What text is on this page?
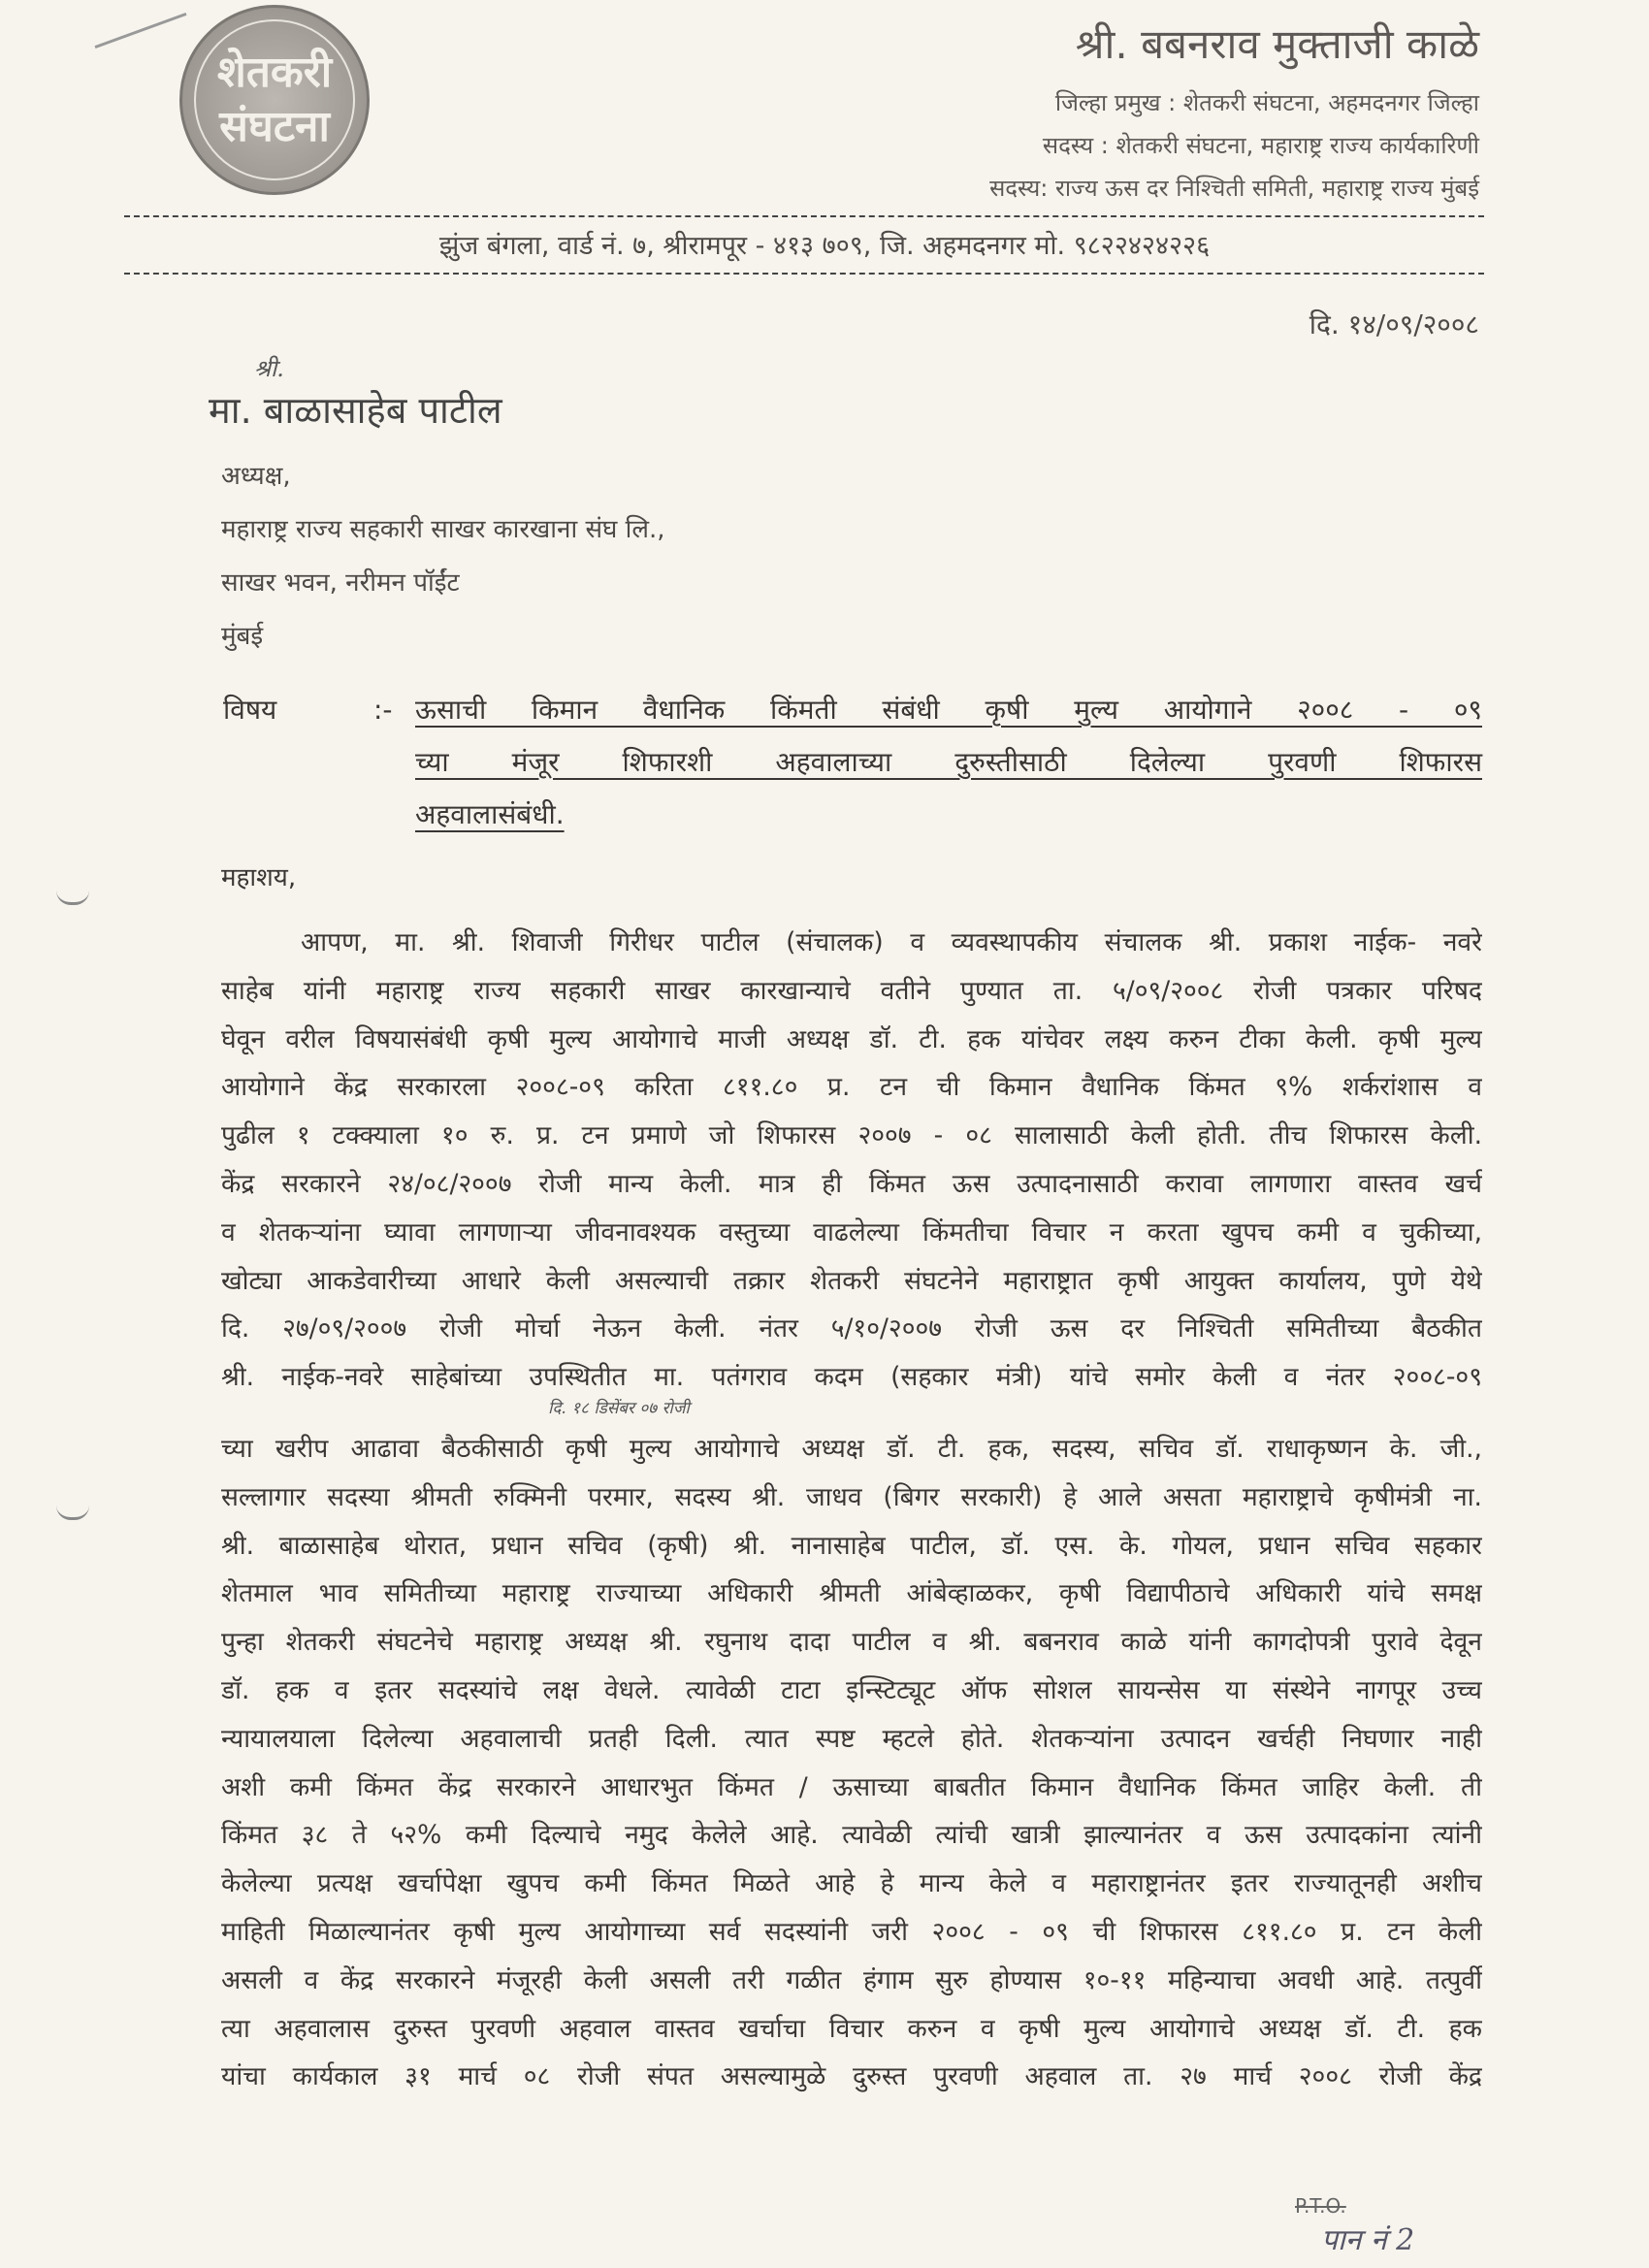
शेतकरी
संघटना
श्री. बबनराव मुक्ताजी काळे
जिल्हा प्रमुख : शेतकरी संघटना, अहमदनगर जिल्हा
सदस्य : शेतकरी संघटना, महाराष्ट्र राज्य कार्यकारिणी
सदस्य: राज्य ऊस दर निश्चिती समिती, महाराष्ट्र राज्य मुंबई
झुंज बंगला, वार्ड नं. ७, श्रीरामपूर - ४१३ ७०९, जि. अहमदनगर मो. ९८२२४२४२२६
दि. १४/०९/२००८
श्री.
मा. बाळासाहेब पाटील
अध्यक्ष,
महाराष्ट्र राज्य सहकारी साखर कारखाना संघ लि.,
साखर भवन, नरीमन पॉईंट
मुंबई
विषय	:- ऊसाची किमान वैधानिक किंमती संबंधी कृषी मुल्य आयोगाने २००८ - ०९
च्या मंजूर शिफारशी अहवालाच्या दुरुस्तीसाठी दिलेल्या पुरवणी शिफारस
अहवालासंबंधी.
महाशय,
आपण, मा. श्री. शिवाजी गिरीधर पाटील (संचालक) व व्यवस्थापकीय संचालक श्री. प्रकाश नाईक- नवरे
साहेब यांनी महाराष्ट्र राज्य सहकारी साखर कारखान्याचे वतीने पुण्यात ता. ५/०९/२००८ रोजी पत्रकार परिषद
घेवून वरील विषयासंबंधी कृषी मुल्य आयोगाचे माजी अध्यक्ष डॉ. टी. हक यांचेवर लक्ष्य करुन टीका केली. कृषी मुल्य
आयोगाने केंद्र सरकारला २००८-०९ करिता ८११.८० प्र. टन ची किमान वैधानिक किंमत ९% शर्करांशास व
पुढील १ टक्क्याला १० रु. प्र. टन प्रमाणे जो शिफारस २००७ - ०८ सालासाठी केली होती. तीच शिफारस केली.
केंद्र सरकारने २४/०८/२००७ रोजी मान्य केली. मात्र ही किंमत ऊस उत्पादनासाठी करावा लागणारा वास्तव खर्च
व शेतकऱ्यांना घ्यावा लागणाऱ्या जीवनावश्यक वस्तुच्या वाढलेल्या किंमतीचा विचार न करता खुपच कमी व चुकीच्या,
खोट्या आकडेवारीच्या आधारे केली असल्याची तक्रार शेतकरी संघटनेने महाराष्ट्रात कृषी आयुक्त कार्यालय, पुणे येथे
दि. २७/०९/२००७ रोजी मोर्चा नेऊन केली. नंतर ५/१०/२००७ रोजी ऊस दर निश्चिती समितीच्या बैठकीत
श्री. नाईक-नवरे साहेबांच्या उपस्थितीत मा. पतंगराव कदम (सहकार मंत्री) यांचे समोर केली व नंतर २००८-०९
च्या खरीप आढावा बैठकीसाठी कृषी मुल्य आयोगाचे अध्यक्ष डॉ. टी. हक, सदस्य, सचिव डॉ. राधाकृष्णन के. जी.,
सल्लागार सदस्या श्रीमती रुक्मिनी परमार, सदस्य श्री. जाधव (बिगर सरकारी) हे आले असता महाराष्ट्राचे कृषीमंत्री ना.
श्री. बाळासाहेब थोरात, प्रधान सचिव (कृषी) श्री. नानासाहेब पाटील, डॉ. एस. के. गोयल, प्रधान सचिव सहकार
शेतमाल भाव समितीच्या महाराष्ट्र राज्याच्या अधिकारी श्रीमती आंबेव्हाळकर, कृषी विद्यापीठाचे अधिकारी यांचे समक्ष
पुन्हा शेतकरी संघटनेचे महाराष्ट्र अध्यक्ष श्री. रघुनाथ दादा पाटील व श्री. बबनराव काळे यांनी कागदोपत्री पुरावे देवून
डॉ. हक व इतर सदस्यांचे लक्ष वेधले. त्यावेळी टाटा इन्स्टिट्यूट ऑफ सोशल सायन्सेस या संस्थेने नागपूर उच्च
न्यायालयाला दिलेल्या अहवालाची प्रतही दिली. त्यात स्पष्ट म्हटले होते. शेतकऱ्यांना उत्पादन खर्चही निघणार नाही
अशी कमी किंमत केंद्र सरकारने आधारभुत किंमत / ऊसाच्या बाबतीत किमान वैधानिक किंमत जाहिर केली. ती
किंमत ३८ ते ५२% कमी दिल्याचे नमुद केलेले आहे. त्यावेळी त्यांची खात्री झाल्यानंतर व ऊस उत्पादकांना त्यांनी
केलेल्या प्रत्यक्ष खर्चापेक्षा खुपच कमी किंमत मिळते आहे हे मान्य केले व महाराष्ट्रानंतर इतर राज्यातूनही अशीच
माहिती मिळाल्यानंतर कृषी मुल्य आयोगाच्या सर्व सदस्यांनी जरी २००८ - ०९ ची शिफारस ८११.८० प्र. टन केली
असली व केंद्र सरकारने मंजूरही केली असली तरी गळीत हंगाम सुरु होण्यास १०-११ महिन्याचा अवधी आहे. तत्पुर्वी
त्या अहवालास दुरुस्त पुरवणी अहवाल वास्तव खर्चाचा विचार करुन व कृषी मुल्य आयोगाचे अध्यक्ष डॉ. टी. हक
यांचा कार्यकाल ३१ मार्च ०८ रोजी संपत असल्यामुळे दुरुस्त पुरवणी अहवाल ता. २७ मार्च २००८ रोजी केंद्र
दि. १८ डिसेंबर ०७ रोजी
P.T.O.
पान नं 2
